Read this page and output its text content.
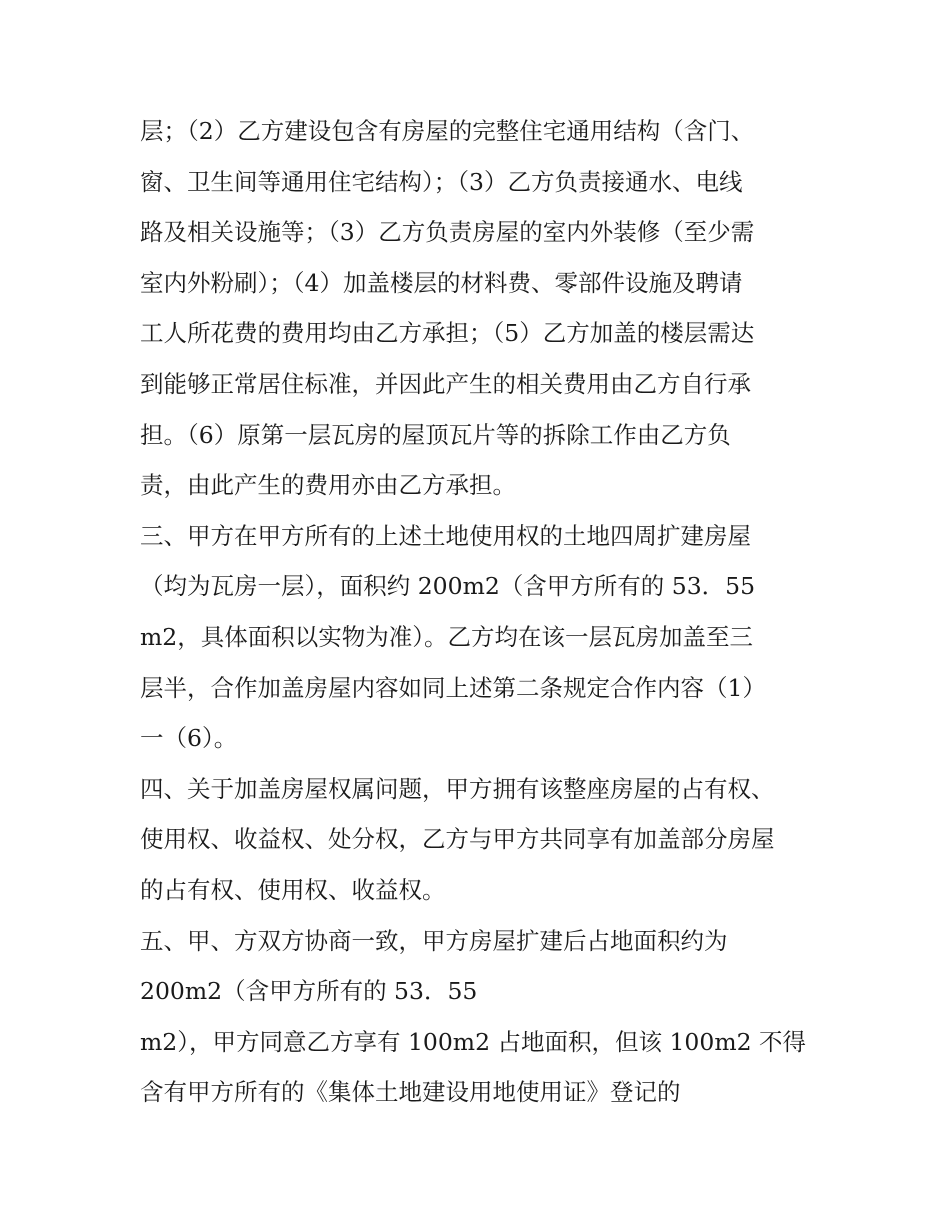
层；（2）乙方建设包含有房屋的完整住宅通用结构（含门、
窗、卫生间等通用住宅结构）；（3）乙方负责接通水、电线
路及相关设施等；（3）乙方负责房屋的室内外装修（至少需
室内外粉刷）；（4）加盖楼层的材料费、零部件设施及聘请
工人所花费的费用均由乙方承担；（5）乙方加盖的楼层需达
到能够正常居住标准，并因此产生的相关费用由乙方自行承
担。（6）原第一层瓦房的屋顶瓦片等的拆除工作由乙方负
责，由此产生的费用亦由乙方承担。
三、甲方在甲方所有的上述土地使用权的土地四周扩建房屋
（均为瓦房一层），面积约 200m2（含甲方所有的 53．55
m2，具体面积以实物为准）。乙方均在该一层瓦房加盖至三
层半，合作加盖房屋内容如同上述第二条规定合作内容（1）
一（6）。
四、关于加盖房屋权属问题，甲方拥有该整座房屋的占有权、
使用权、收益权、处分权，乙方与甲方共同享有加盖部分房屋
的占有权、使用权、收益权。
五、甲、方双方协商一致，甲方房屋扩建后占地面积约为
200m2（含甲方所有的 53．55
m2），甲方同意乙方享有 100m2 占地面积，但该 100m2 不得
含有甲方所有的《集体土地建设用地使用证》登记的
